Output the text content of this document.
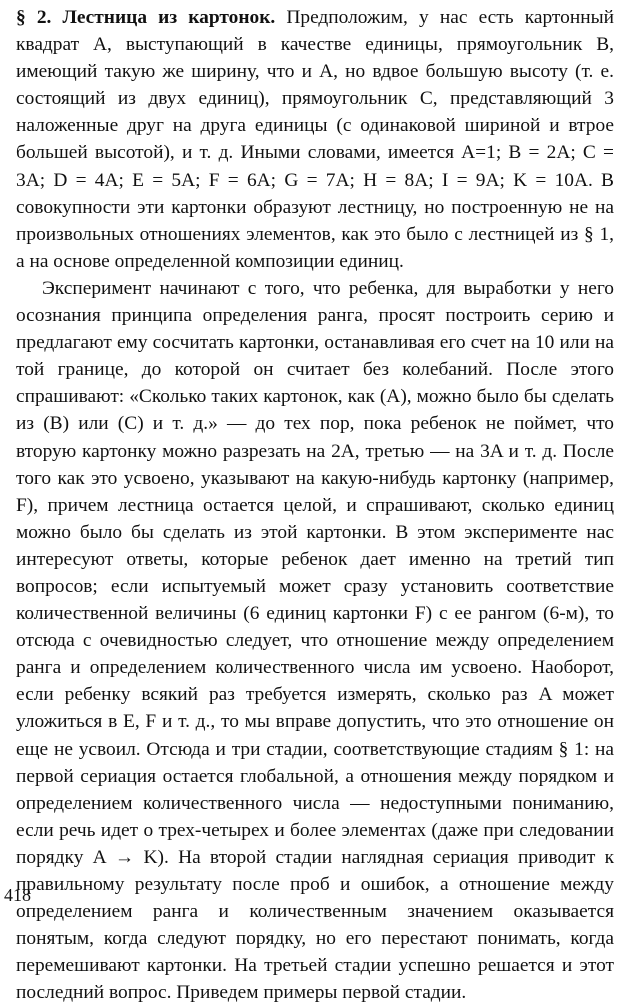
§ 2. Лестница из картонок. Предположим, у нас есть картонный квадрат A, выступающий в качестве единицы, прямоугольник B, имеющий такую же ширину, что и A, но вдвое большую высоту (т. е. состоящий из двух единиц), прямоугольник C, представляющий 3 наложенные друг на друга единицы (с одинаковой шириной и втрое большей высотой), и т. д. Иными словами, имеется A=1; B = 2A; C = 3A; D = 4A; E = 5A; F = 6A; G = 7A; H = 8A; I = 9A; K = 10A. В совокупности эти картонки образуют лестницу, но построенную не на произвольных отношениях элементов, как это было с лестницей из § 1, а на основе определенной композиции единиц.

Эксперимент начинают с того, что ребенка, для выработки у него осознания принципа определения ранга, просят построить серию и предлагают ему сосчитать картонки, останавливая его счет на 10 или на той границе, до которой он считает без колебаний. После этого спрашивают: «Сколько таких картонок, как (A), можно было бы сделать из (B) или (C) и т. д.» — до тех пор, пока ребенок не поймет, что вторую картонку можно разрезать на 2A, третью — на 3A и т. д. После того как это усвоено, указывают на какую-нибудь картонку (например, F), причем лестница остается целой, и спрашивают, сколько единиц можно было бы сделать из этой картонки. В этом эксперименте нас интересуют ответы, которые ребенок дает именно на третий тип вопросов; если испытуемый может сразу установить соответствие количественной величины (6 единиц картонки F) с ее рангом (6-м), то отсюда с очевидностью следует, что отношение между определением ранга и определением количественного числа им усвоено. Наоборот, если ребенку всякий раз требуется измерять, сколько раз A может уложиться в E, F и т. д., то мы вправе допустить, что это отношение он еще не усвоил. Отсюда и три стадии, соответствующие стадиям § 1: на первой сериация остается глобальной, а отношения между порядком и определением количественного числа — недоступными пониманию, если речь идет о трех-четырех и более элементах (даже при следовании порядку A → K). На второй стадии наглядная сериация приводит к правильному результату после проб и ошибок, а отношение между определением ранга и количественным значением оказывается понятым, когда следуют порядку, но его перестают понимать, когда перемешивают картонки. На третьей стадии успешно решается и этот последний вопрос. Приведем примеры первой стадии.

418
